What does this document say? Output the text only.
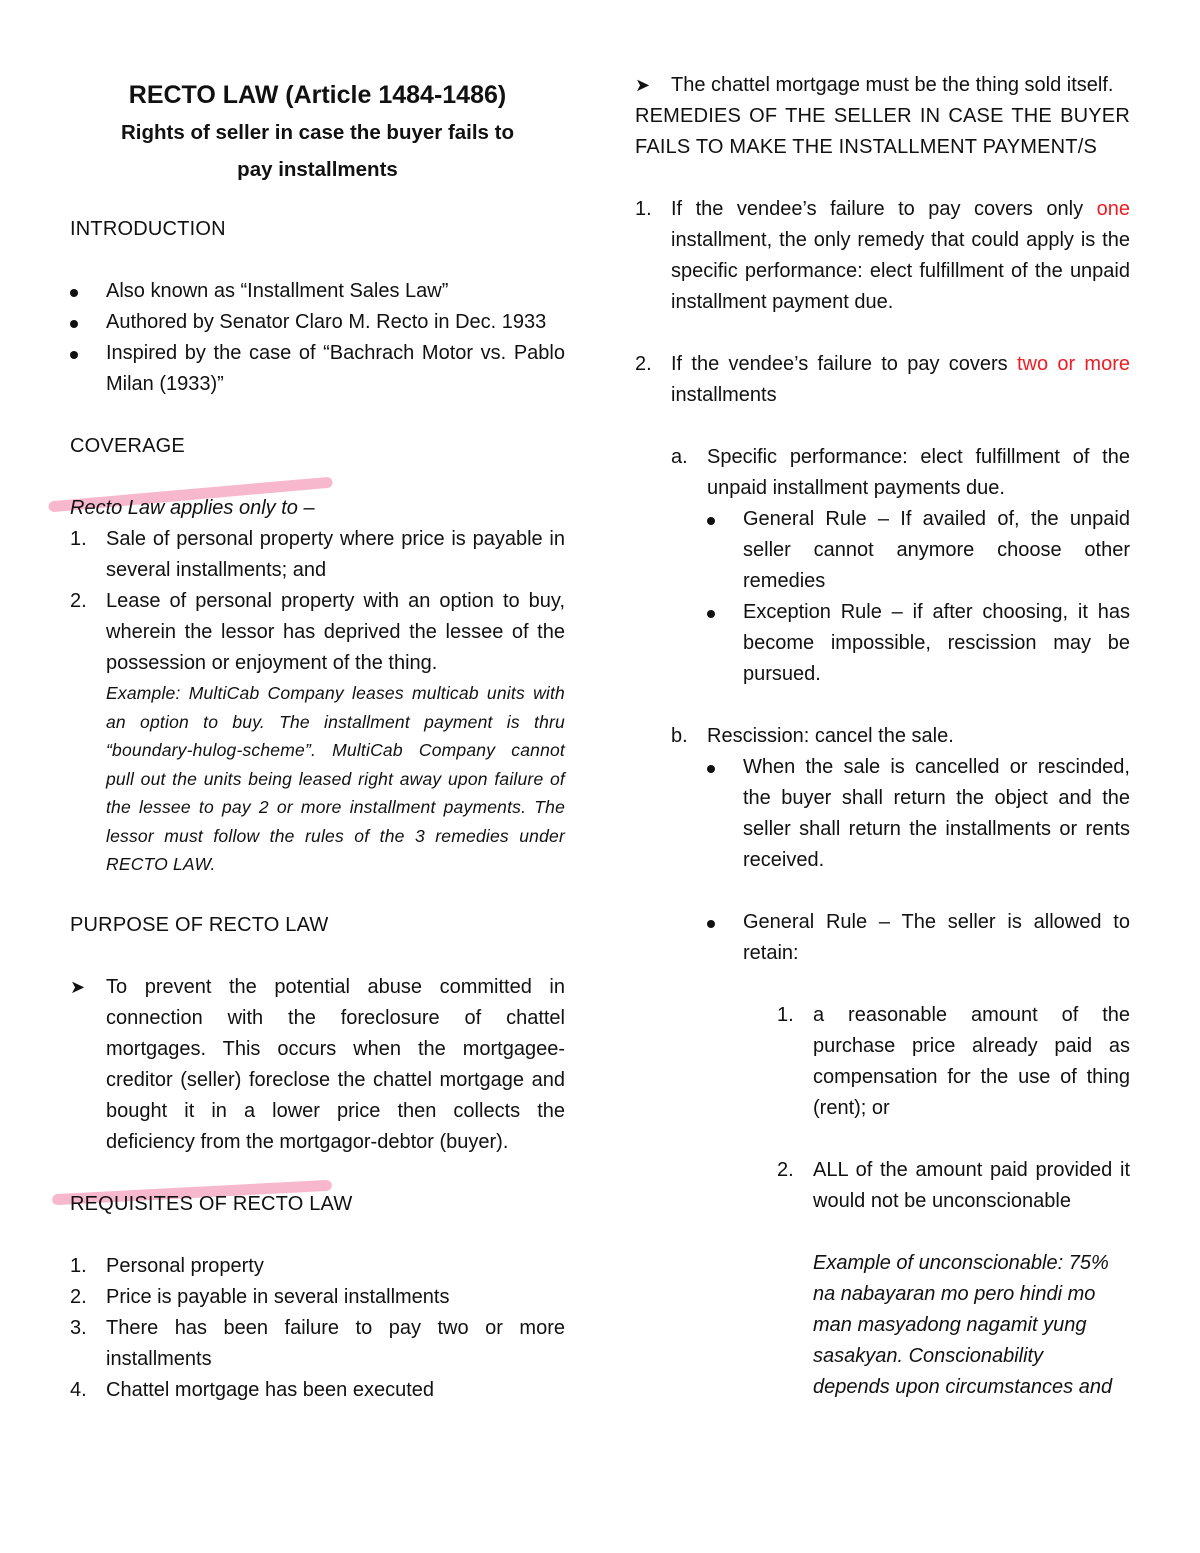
RECTO LAW (Article 1484-1486)

Rights of seller in case the buyer fails to

pay installments

INTRODUCTION

Also known as “Installment Sales Law”
Authored by Senator Claro M. Recto in Dec. 1933
Inspired by the case of “Bachrach Motor vs. Pablo Milan (1933)”

COVERAGE

Recto Law applies only to –

1. Sale of personal property where price is payable in several installments; and
2. Lease of personal property with an option to buy, wherein the lessor has deprived the lessee of the possession or enjoyment of the thing.

Example: MultiCab Company leases multicab units with an option to buy. The installment payment is thru “boundary-hulog-scheme”. MultiCab Company cannot pull out the units being leased right away upon failure of the lessee to pay 2 or more installment payments. The lessor must follow the rules of the 3 remedies under RECTO LAW.

PURPOSE OF RECTO LAW

➤	To prevent the potential abuse committed in connection with the foreclosure of chattel mortgages. This occurs when the mortgagee-creditor (seller) foreclose the chattel mortgage and bought it in a lower price then collects the deficiency from the mortgagor-debtor (buyer).

REQUISITES OF RECTO LAW

1. Personal property
2. Price is payable in several installments
3. There has been failure to pay two or more installments
4. Chattel mortgage has been executed
➤	The chattel mortgage must be the thing sold itself.

REMEDIES OF THE SELLER IN CASE THE BUYER FAILS TO MAKE THE INSTALLMENT PAYMENT/S

1. If the vendee’s failure to pay covers only one installment, the only remedy that could apply is the specific performance: elect fulfillment of the unpaid installment payment due.
2. If the vendee’s failure to pay covers two or more installments
a. Specific performance: elect fulfillment of the unpaid installment payments due.
General Rule – If availed of, the unpaid seller cannot anymore choose other remedies
Exception Rule – if after choosing, it has become impossible, rescission may be pursued.
b. Rescission: cancel the sale.
When the sale is cancelled or rescinded, the buyer shall return the object and the seller shall return the installments or rents received.
General Rule – The seller is allowed to retain:
1. a reasonable amount of the purchase price already paid as compensation for the use of thing (rent); or
2. ALL of the amount paid provided it would not be unconscionable

Example of unconscionable: 75%

na nabayaran mo pero hindi mo

man masyadong nagamit yung

sasakyan. Conscionability

depends upon circumstances and
